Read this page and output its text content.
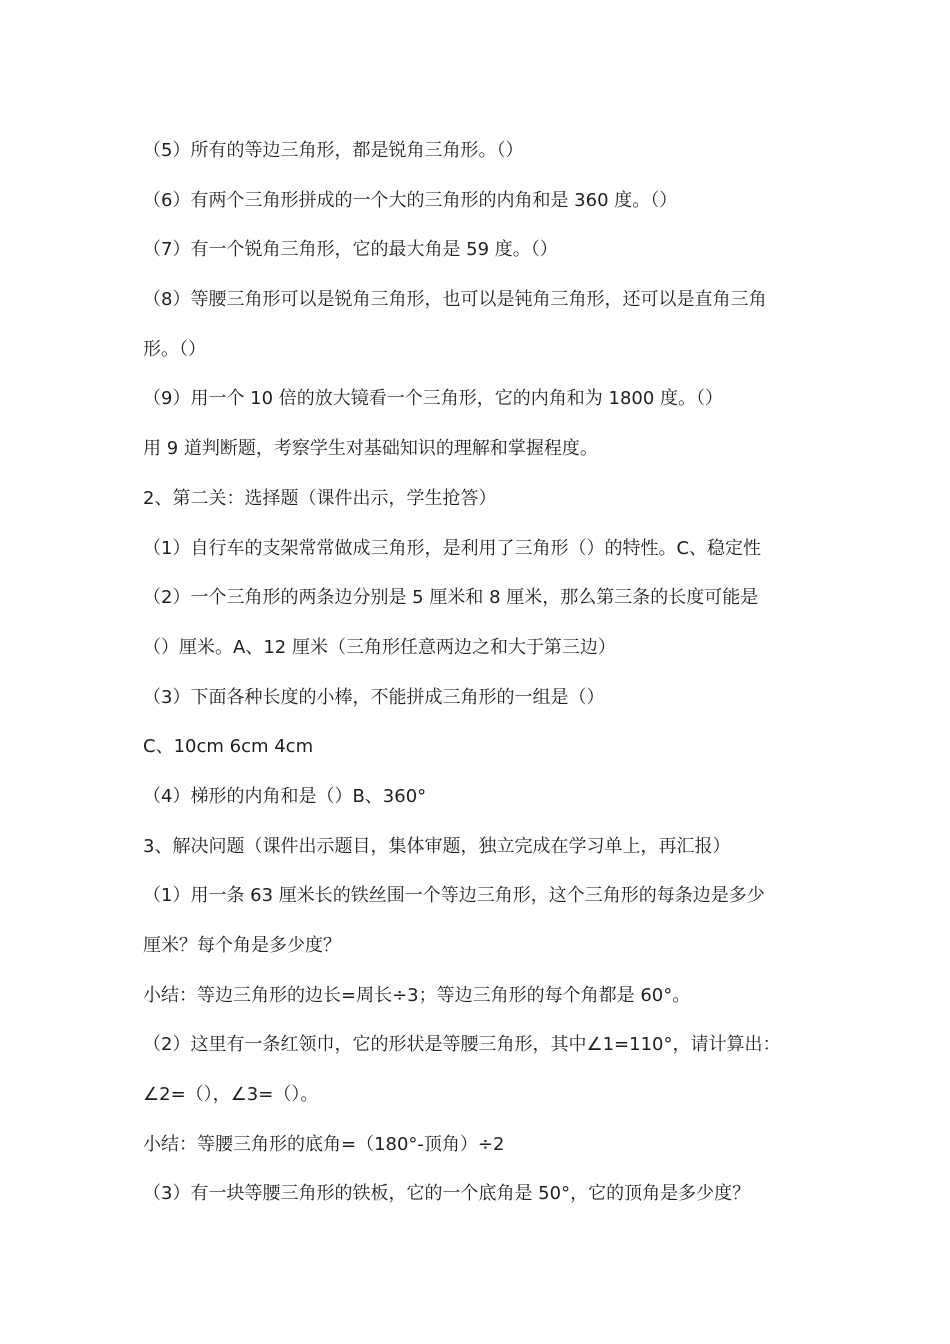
（5）所有的等边三角形，都是锐角三角形。（）
（6）有两个三角形拼成的一个大的三角形的内角和是 360 度。（）
（7）有一个锐角三角形，它的最大角是 59 度。（）
（8）等腰三角形可以是锐角三角形，也可以是钝角三角形，还可以是直角三角
形。（）
（9）用一个 10 倍的放大镜看一个三角形，它的内角和为 1800 度。（）
用 9 道判断题，考察学生对基础知识的理解和掌握程度。
2、第二关：选择题（课件出示，学生抢答）
（1）自行车的支架常常做成三角形，是利用了三角形（）的特性。C、稳定性
（2）一个三角形的两条边分别是 5 厘米和 8 厘米，那么第三条的长度可能是
（）厘米。A、12 厘米（三角形任意两边之和大于第三边）
（3）下面各种长度的小棒，不能拼成三角形的一组是（）
C、10cm 6cm 4cm
（4）梯形的内角和是（）B、360°
3、解决问题（课件出示题目，集体审题，独立完成在学习单上，再汇报）
（1）用一条 63 厘米长的铁丝围一个等边三角形，这个三角形的每条边是多少
厘米？每个角是多少度？
小结：等边三角形的边长=周长÷3；等边三角形的每个角都是 60°。
（2）这里有一条红领巾，它的形状是等腰三角形，其中∠1=110°，请计算出：
∠2=（），∠3=（）。
小结：等腰三角形的底角=（180°-顶角）÷2
（3）有一块等腰三角形的铁板，它的一个底角是 50°，它的顶角是多少度？
